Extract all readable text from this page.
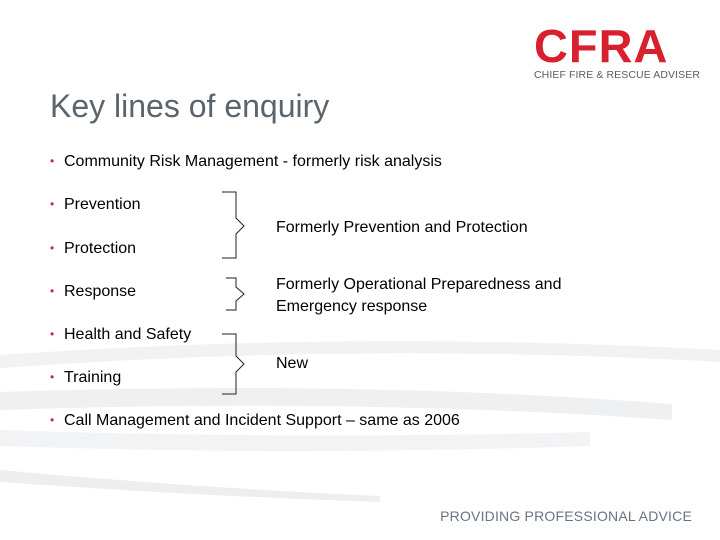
CFRA
CHIEF FIRE & RESCUE ADVISER
Key lines of enquiry
• Community Risk Management - formerly risk analysis
• Prevention
• Protection
• Response
• Health and Safety
• Training
• Call Management and Incident Support – same as 2006
Formerly Prevention and Protection
Formerly Operational Preparedness and
Emergency response
New
PROVIDING PROFESSIONAL ADVICE
